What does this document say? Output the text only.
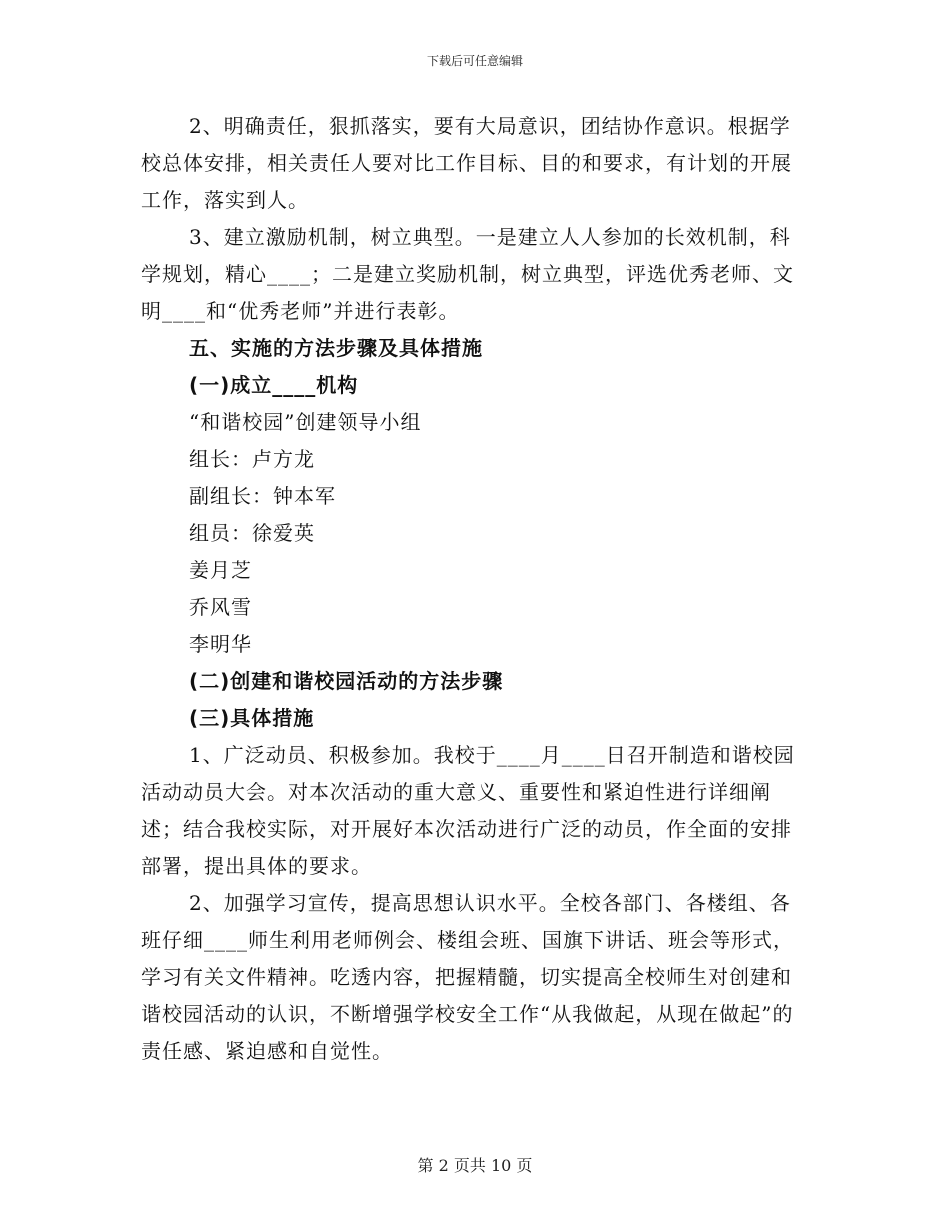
下载后可任意编辑

2、明确责任，狠抓落实，要有大局意识，团结协作意识。根据学校总体安排，相关责任人要对比工作目标、目的和要求，有计划的开展工作，落实到人。

3、建立激励机制，树立典型。一是建立人人参加的长效机制，科学规划，精心____；二是建立奖励机制，树立典型，评选优秀老师、文明____和“优秀老师”并进行表彰。

五、实施的方法步骤及具体措施

(一)成立____机构

“和谐校园”创建领导小组

组长：卢方龙

副组长：钟本军

组员：徐爱英

姜月芝

乔风雪

李明华

(二)创建和谐校园活动的方法步骤

(三)具体措施

1、广泛动员、积极参加。我校于____月____日召开制造和谐校园活动动员大会。对本次活动的重大意义、重要性和紧迫性进行详细阐述；结合我校实际，对开展好本次活动进行广泛的动员，作全面的安排部署，提出具体的要求。

2、加强学习宣传，提高思想认识水平。全校各部门、各楼组、各班仔细____师生利用老师例会、楼组会班、国旗下讲话、班会等形式，学习有关文件精神。吃透内容，把握精髓，切实提高全校师生对创建和谐校园活动的认识，不断增强学校安全工作“从我做起，从现在做起”的责任感、紧迫感和自觉性。

第 2 页共 10 页
